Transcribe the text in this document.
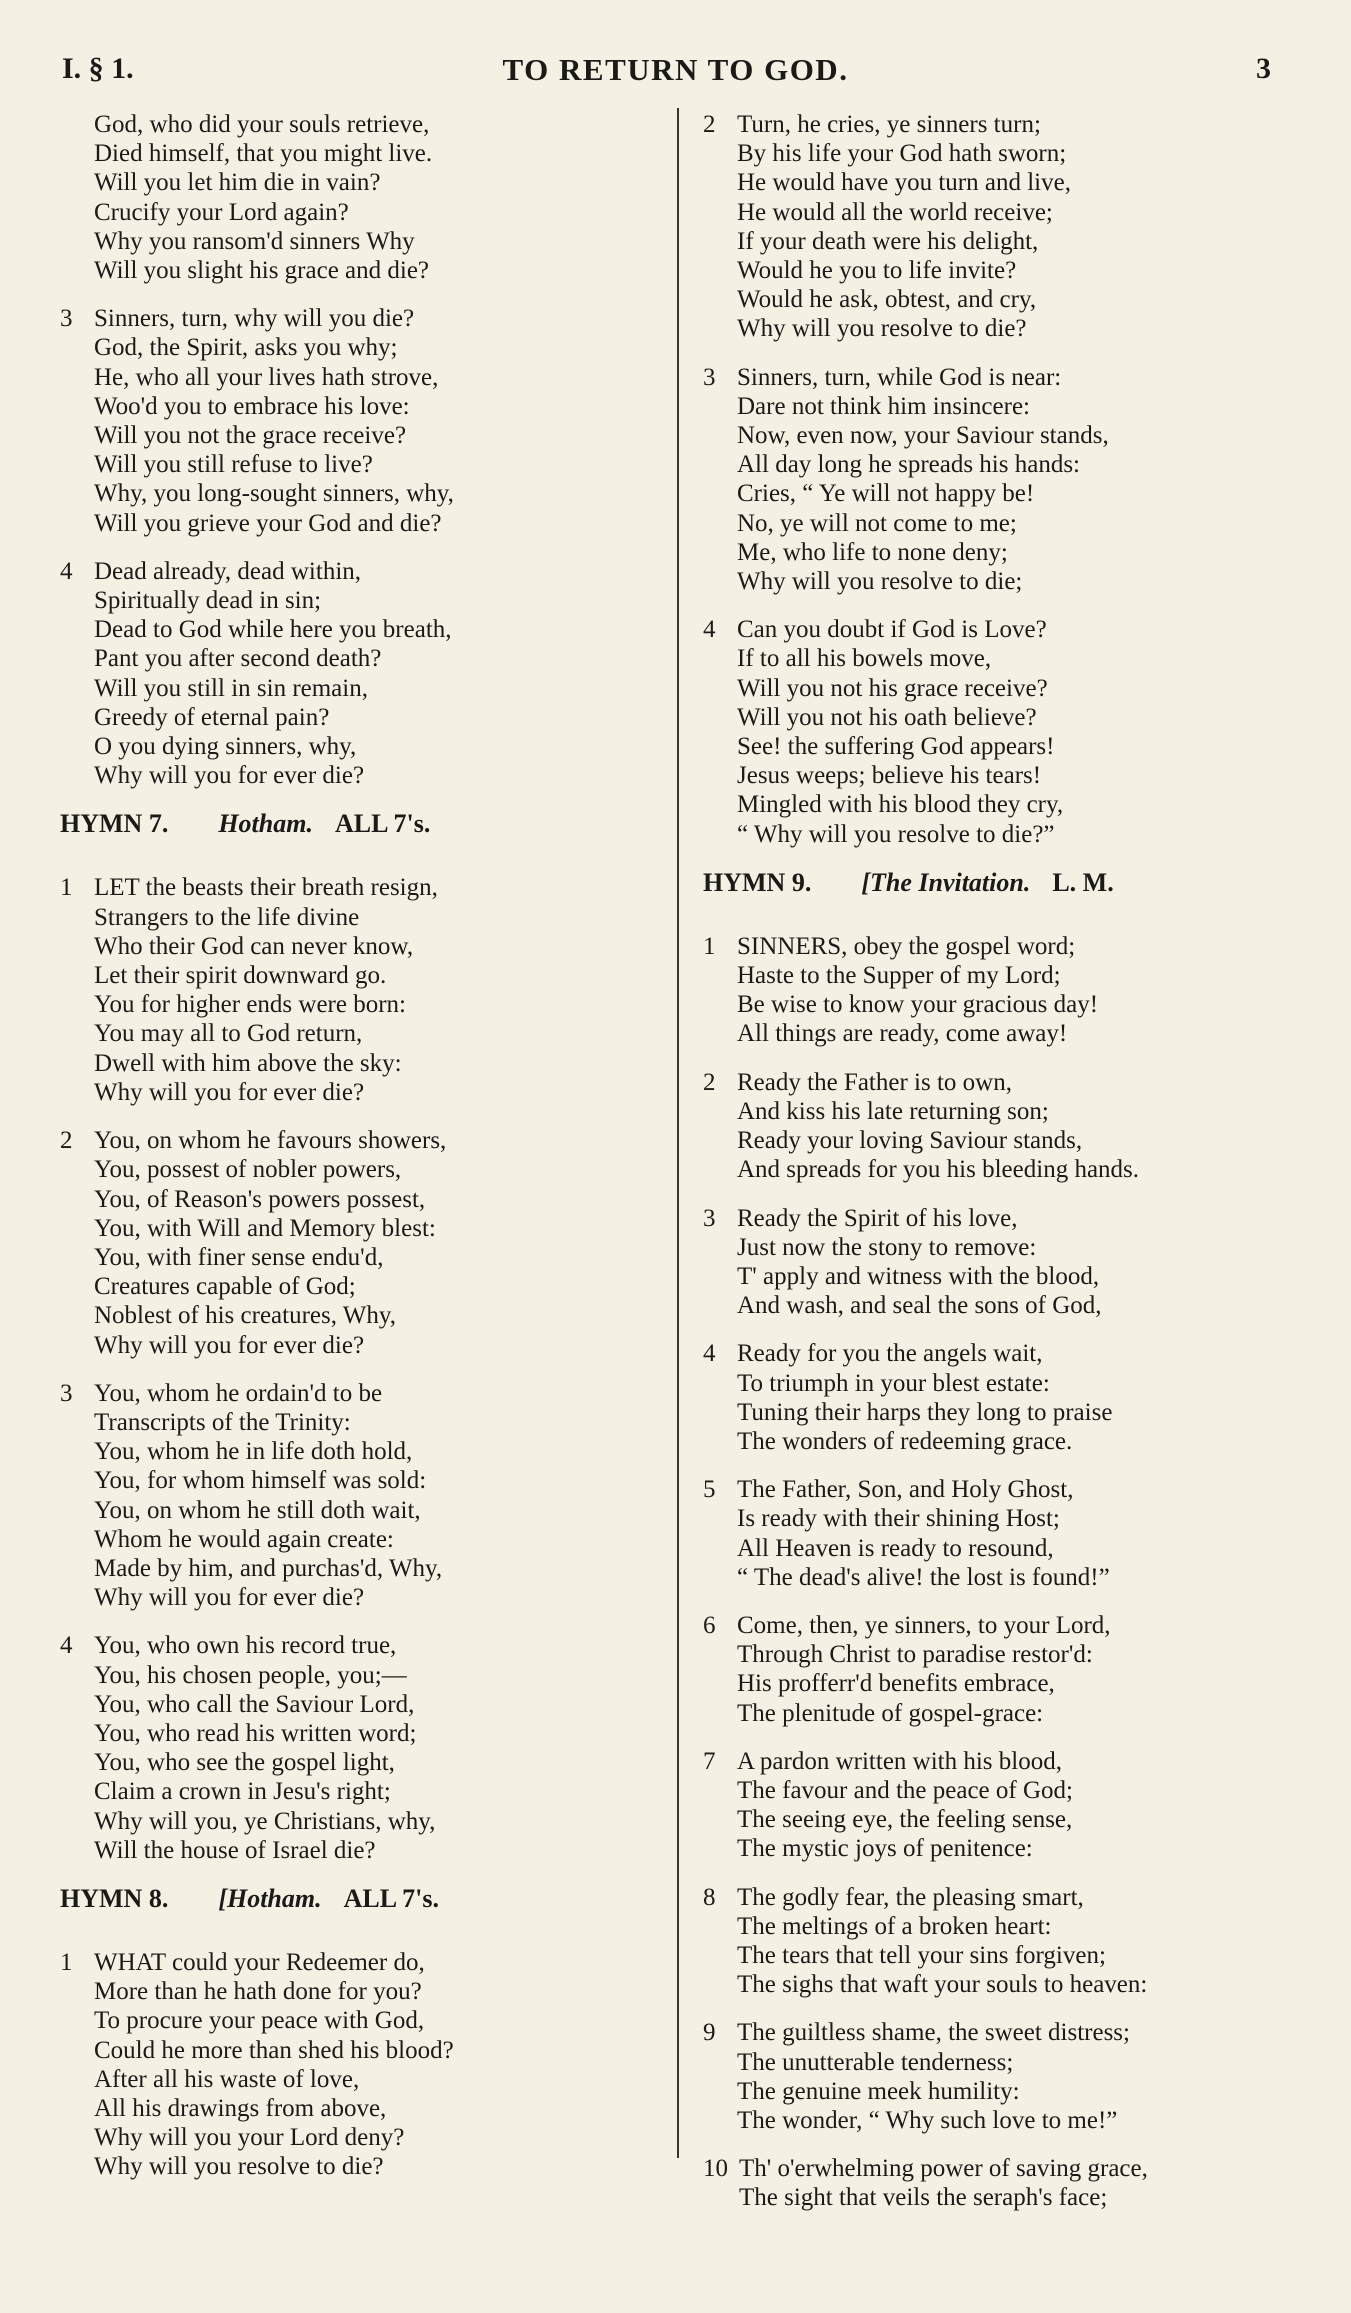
I. § 1.	TO RETURN TO GOD.	3
God, who did your souls retrieve,
Died himself, that you might live.
Will you let him die in vain?
Crucify your Lord again?
Why you ransom'd sinners Why
Will you slight his grace and die?
3 Sinners, turn, why will you die?
God, the Spirit, asks you why;
He, who all your lives hath strove,
Woo'd you to embrace his love:
Will you not the grace receive?
Will you still refuse to live?
Why, you long-sought sinners, why,
Will you grieve your God and die?
4 Dead already, dead within,
Spiritually dead in sin;
Dead to God while here you breath,
Pant you after second death?
Will you still in sin remain,
Greedy of eternal pain?
O you dying sinners, why,
Why will you for ever die?
HYMN 7. Hotham. ALL 7's.
1 LET the beasts their breath resign,
Strangers to the life divine
Who their God can never know,
Let their spirit downward go.
You for higher ends were born:
You may all to God return,
Dwell with him above the sky:
Why will you for ever die?
2 You, on whom he favours showers,
You, possest of nobler powers,
You, of Reason's powers possest,
You, with Will and Memory blest:
You, with finer sense endu'd,
Creatures capable of God;
Noblest of his creatures, Why,
Why will you for ever die?
3 You, whom he ordain'd to be
Transcripts of the Trinity:
You, whom he in life doth hold,
You, for whom himself was sold:
You, on whom he still doth wait,
Whom he would again create:
Made by him, and purchas'd, Why,
Why will you for ever die?
4 You, who own his record true,
You, his chosen people, you;—
You, who call the Saviour Lord,
You, who read his written word;
You, who see the gospel light,
Claim a crown in Jesu's right;
Why will you, ye Christians, why,
Will the house of Israel die?
HYMN 8. [Hotham. ALL 7's.
1 WHAT could your Redeemer do,
More than he hath done for you?
To procure your peace with God,
Could he more than shed his blood?
After all his waste of love,
All his drawings from above,
Why will you your Lord deny?
Why will you resolve to die?
2 Turn, he cries, ye sinners turn;
By his life your God hath sworn;
He would have you turn and live,
He would all the world receive;
If your death were his delight,
Would he you to life invite?
Would he ask, obtest, and cry,
Why will you resolve to die?
3 Sinners, turn, while God is near:
Dare not think him insincere:
Now, even now, your Saviour stands,
All day long he spreads his hands:
Cries, “ Ye will not happy be!
No, ye will not come to me;
Me, who life to none deny;
Why will you resolve to die;
4 Can you doubt if God is Love?
If to all his bowels move,
Will you not his grace receive?
Will you not his oath believe?
See! the suffering God appears!
Jesus weeps; believe his tears!
Mingled with his blood they cry,
“ Why will you resolve to die?”
HYMN 9. [The Invitation. L. M.
1 SINNERS, obey the gospel word;
Haste to the Supper of my Lord;
Be wise to know your gracious day!
All things are ready, come away!
2 Ready the Father is to own,
And kiss his late returning son;
Ready your loving Saviour stands,
And spreads for you his bleeding hands.
3 Ready the Spirit of his love,
Just now the stony to remove:
T' apply and witness with the blood,
And wash, and seal the sons of God,
4 Ready for you the angels wait,
To triumph in your blest estate:
Tuning their harps they long to praise
The wonders of redeeming grace.
5 The Father, Son, and Holy Ghost,
Is ready with their shining Host;
All Heaven is ready to resound,
“ The dead's alive! the lost is found!”
6 Come, then, ye sinners, to your Lord,
Through Christ to paradise restor'd:
His profferr'd benefits embrace,
The plenitude of gospel-grace:
7 A pardon written with his blood,
The favour and the peace of God;
The seeing eye, the feeling sense,
The mystic joys of penitence:
8 The godly fear, the pleasing smart,
The meltings of a broken heart:
The tears that tell your sins forgiven;
The sighs that waft your souls to heaven:
9 The guiltless shame, the sweet distress;
The unutterable tenderness;
The genuine meek humility:
The wonder, “ Why such love to me!”
10 Th' o'erwhelming power of saving grace,
The sight that veils the seraph's face;
